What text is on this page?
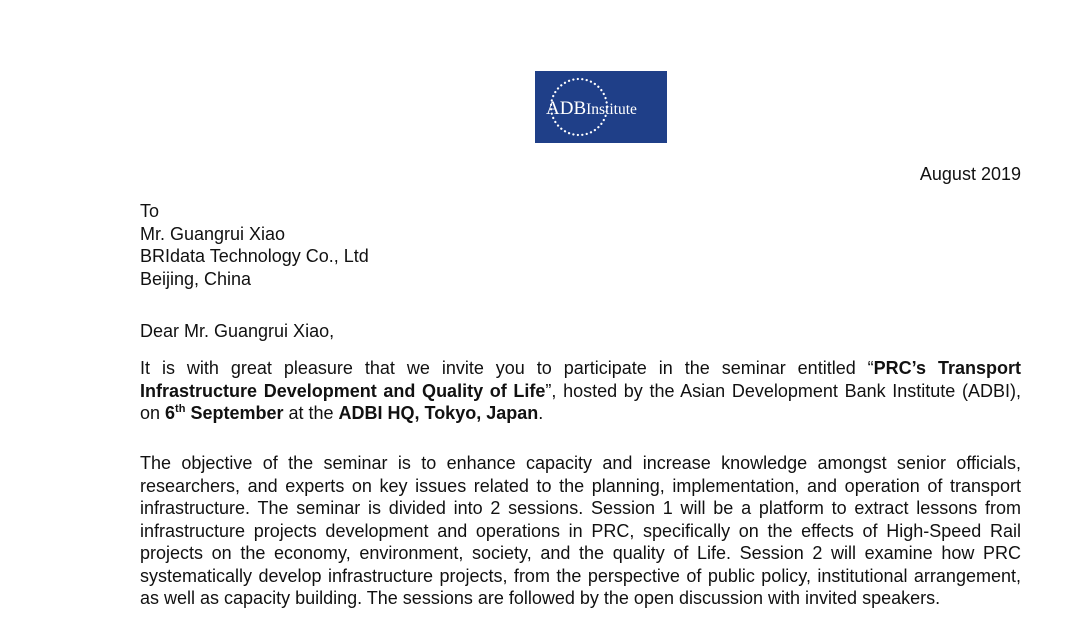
ADBInstitute
August 2019
To
Mr. Guangrui Xiao
BRIdata Technology Co., Ltd
Beijing, China
Dear Mr. Guangrui Xiao,
It is with great pleasure that we invite you to participate in the seminar entitled “PRC’s Transport Infrastructure Development and Quality of Life”, hosted by the Asian Development Bank Institute (ADBI), on 6th September at the ADBI HQ, Tokyo, Japan.
The objective of the seminar is to enhance capacity and increase knowledge amongst senior officials, researchers, and experts on key issues related to the planning, implementation, and operation of transport infrastructure. The seminar is divided into 2 sessions. Session 1 will be a platform to extract lessons from infrastructure projects development and operations in PRC, specifically on the effects of High-Speed Rail projects on the economy, environment, society, and the quality of Life. Session 2 will examine how PRC systematically develop infrastructure projects, from the perspective of public policy, institutional arrangement, as well as capacity building. The sessions are followed by the open discussion with invited speakers.
